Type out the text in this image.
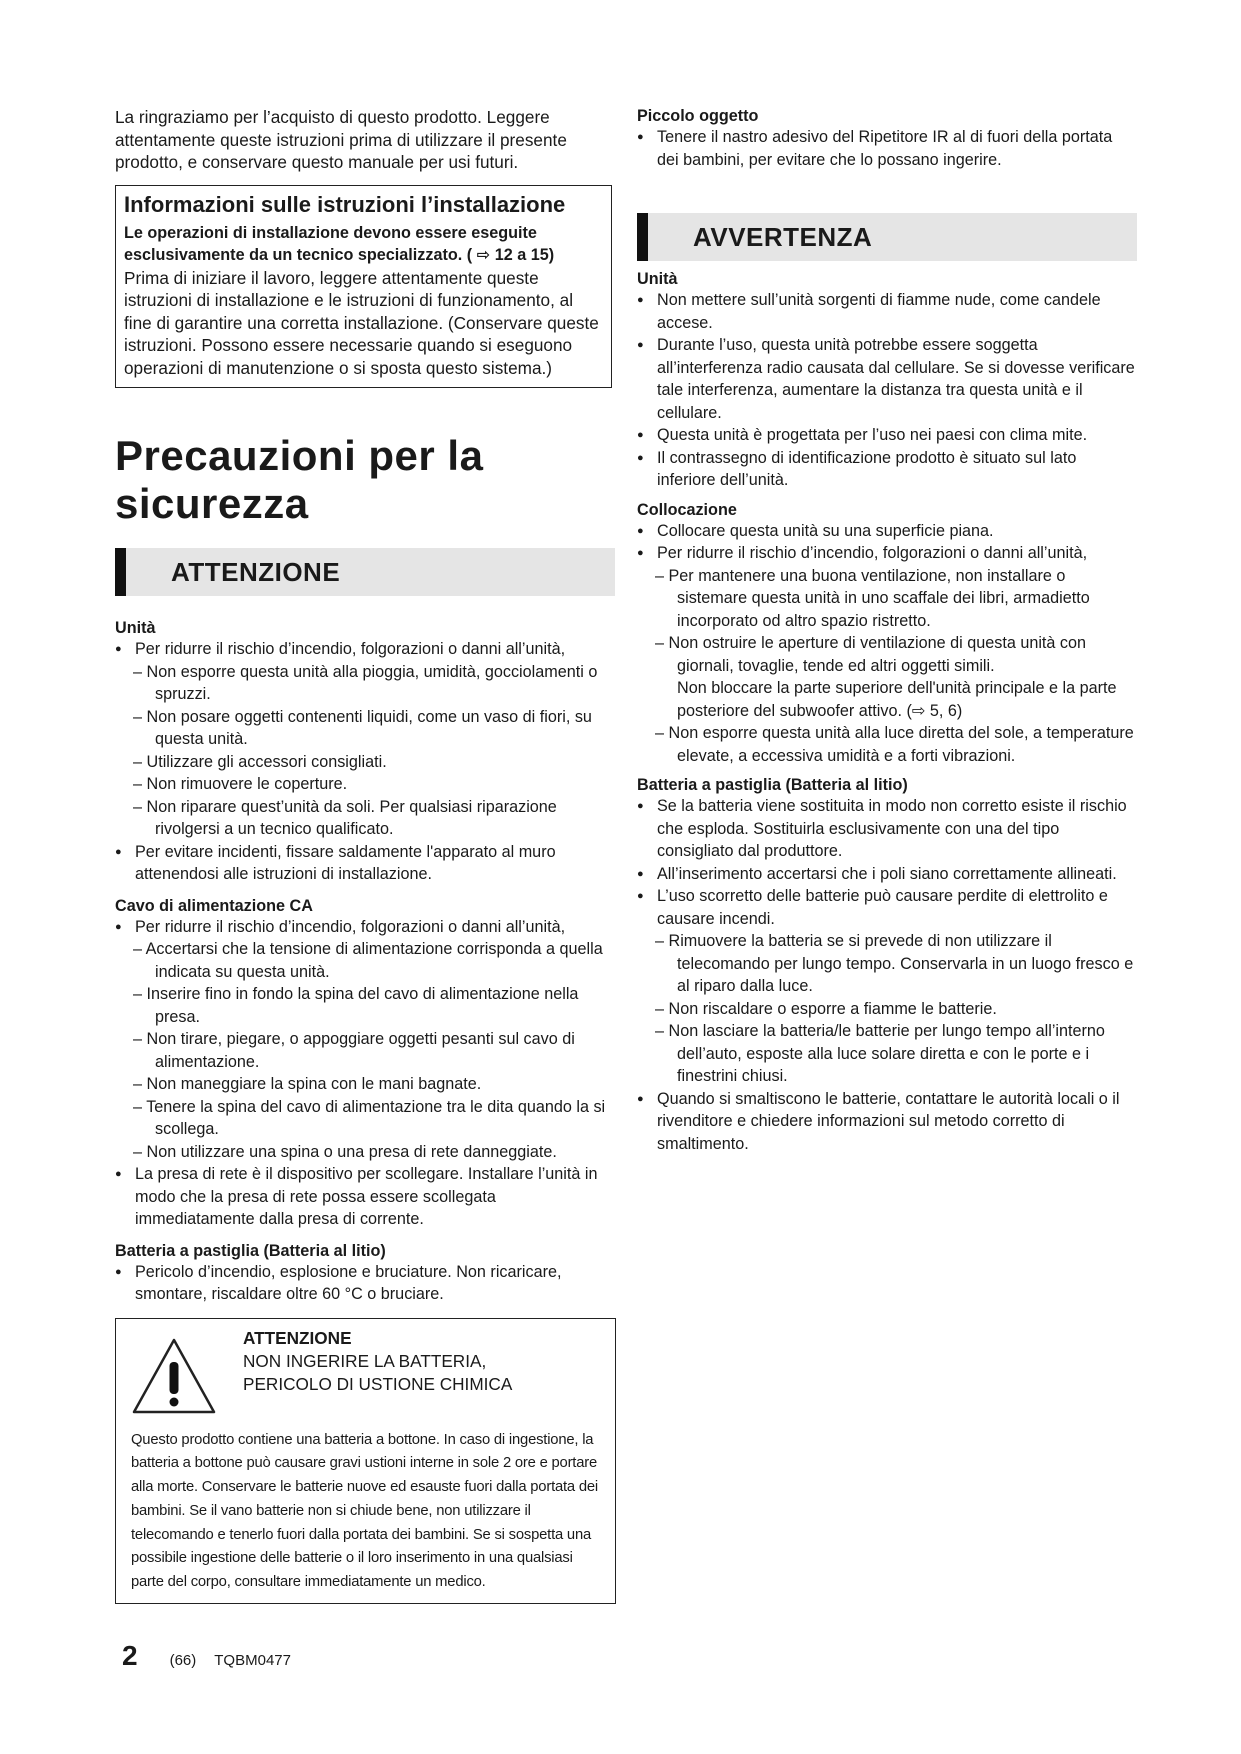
La ringraziamo per l’acquisto di questo prodotto. Leggere attentamente queste istruzioni prima di utilizzare il presente prodotto, e conservare questo manuale per usi futuri.

Informazioni sulle istruzioni l’installazione
Le operazioni di installazione devono essere eseguite esclusivamente da un tecnico specializzato. ( ⇨ 12 a 15)
Prima di iniziare il lavoro, leggere attentamente queste istruzioni di installazione e le istruzioni di funzionamento, al fine di garantire una corretta installazione. (Conservare queste istruzioni. Possono essere necessarie quando si eseguono operazioni di manutenzione o si sposta questo sistema.)
Precauzioni per la sicurezza
ATTENZIONE
Unità
● Per ridurre il rischio d’incendio, folgorazioni o danni all’unità,
– Non esporre questa unità alla pioggia, umidità, gocciolamenti o spruzzi.
– Non posare oggetti contenenti liquidi, come un vaso di fiori, su questa unità.
– Utilizzare gli accessori consigliati.
– Non rimuovere le coperture.
– Non riparare quest’unità da soli. Per qualsiasi riparazione rivolgersi a un tecnico qualificato.
● Per evitare incidenti, fissare saldamente l'apparato al muro attenendosi alle istruzioni di installazione.
Cavo di alimentazione CA
● Per ridurre il rischio d’incendio, folgorazioni o danni all’unità,
– Accertarsi che la tensione di alimentazione corrisponda a quella indicata su questa unità.
– Inserire fino in fondo la spina del cavo di alimentazione nella presa.
– Non tirare, piegare, o appoggiare oggetti pesanti sul cavo di alimentazione.
– Non maneggiare la spina con le mani bagnate.
– Tenere la spina del cavo di alimentazione tra le dita quando la si scollega.
– Non utilizzare una spina o una presa di rete danneggiate.
● La presa di rete è il dispositivo per scollegare. Installare l’unità in modo che la presa di rete possa essere scollegata immediatamente dalla presa di corrente.
Batteria a pastiglia (Batteria al litio)
● Pericolo d’incendio, esplosione e bruciature. Non ricaricare, smontare, riscaldare oltre 60 °C o bruciare.
ATTENZIONE
NON INGERIRE LA BATTERIA,
PERICOLO DI USTIONE CHIMICA
Questo prodotto contiene una batteria a bottone. In caso di ingestione, la batteria a bottone può causare gravi ustioni interne in sole 2 ore e portare alla morte. Conservare le batterie nuove ed esauste fuori dalla portata dei bambini. Se il vano batterie non si chiude bene, non utilizzare il telecomando e tenerlo fuori dalla portata dei bambini. Se si sospetta una possibile ingestione delle batterie o il loro inserimento in una qualsiasi parte del corpo, consultare immediatamente un medico.
Piccolo oggetto
● Tenere il nastro adesivo del Ripetitore IR al di fuori della portata dei bambini, per evitare che lo possano ingerire.
AVVERTENZA
Unità
● Non mettere sull’unità sorgenti di fiamme nude, come candele accese.
● Durante l’uso, questa unità potrebbe essere soggetta all’interferenza radio causata dal cellulare. Se si dovesse verificare tale interferenza, aumentare la distanza tra questa unità e il cellulare.
● Questa unità è progettata per l’uso nei paesi con clima mite.
● Il contrassegno di identificazione prodotto è situato sul lato inferiore dell’unità.
Collocazione
● Collocare questa unità su una superficie piana.
● Per ridurre il rischio d’incendio, folgorazioni o danni all’unità,
– Per mantenere una buona ventilazione, non installare o sistemare questa unità in uno scaffale dei libri, armadietto incorporato od altro spazio ristretto.
– Non ostruire le aperture di ventilazione di questa unità con giornali, tovaglie, tende ed altri oggetti simili.
Non bloccare la parte superiore dell'unità principale e la parte posteriore del subwoofer attivo. (⇨ 5, 6)
– Non esporre questa unità alla luce diretta del sole, a temperature elevate, a eccessiva umidità e a forti vibrazioni.
Batteria a pastiglia (Batteria al litio)
● Se la batteria viene sostituita in modo non corretto esiste il rischio che esploda. Sostituirla esclusivamente con una del tipo consigliato dal produttore.
● All’inserimento accertarsi che i poli siano correttamente allineati.
● L’uso scorretto delle batterie può causare perdite di elettrolito e causare incendi.
– Rimuovere la batteria se si prevede di non utilizzare il telecomando per lungo tempo. Conservarla in un luogo fresco e al riparo dalla luce.
– Non riscaldare o esporre a fiamme le batterie.
– Non lasciare la batteria/le batterie per lungo tempo all’interno dell’auto, esposte alla luce solare diretta e con le porte e i finestrini chiusi.
● Quando si smaltiscono le batterie, contattare le autorità locali o il rivenditore e chiedere informazioni sul metodo corretto di smaltimento.
2 (66) TQBM0477
